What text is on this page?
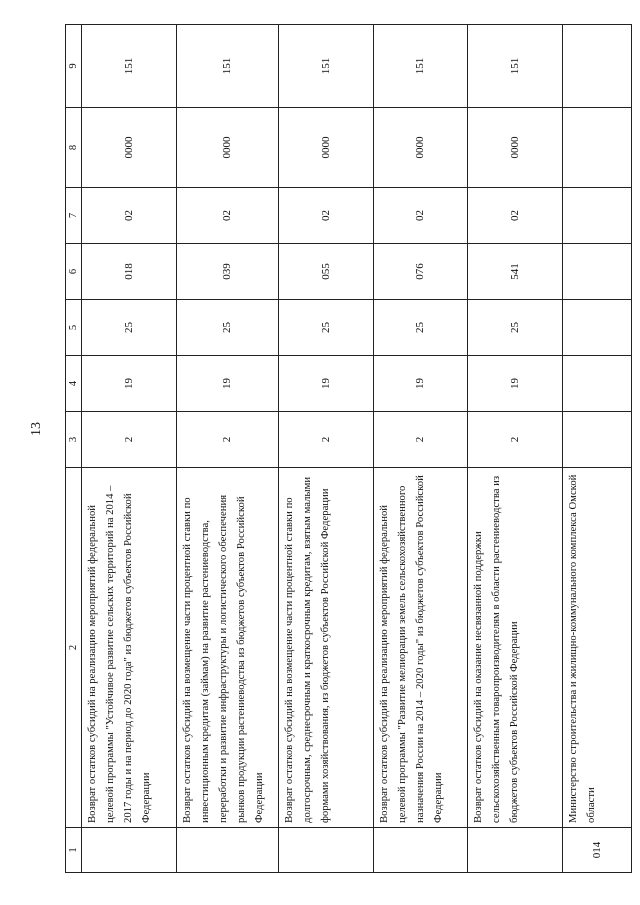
13
1	2	3	4	5	6	7	8	9
	Возврат остатков субсидий на реализацию мероприятий федеральной целевой программы "Устойчивое развитие сельских территорий на 2014 – 2017 годы и на период до 2020 года" из бюджетов субъектов Российской Федерации	2	19	25	018	02	0000	151
	Возврат остатков субсидий на возмещение части процентной ставки по инвестиционным кредитам (займам) на развитие растениеводства, переработки и развитие инфраструктуры и логистического обеспечения рынков продукции растениеводства из бюджетов субъектов Российской Федерации	2	19	25	039	02	0000	151
	Возврат остатков субсидий на возмещение части процентной ставки по долгосрочным, среднесрочным и краткосрочным кредитам, взятым малыми формами хозяйствования, из бюджетов субъектов Российской Федерации	2	19	25	055	02	0000	151
	Возврат остатков субсидий на реализацию мероприятий федеральной целевой программы "Развитие мелиорации земель сельскохозяйственного назначения России на 2014 – 2020 годы" из бюджетов субъектов Российской Федерации	2	19	25	076	02	0000	151
	Возврат остатков субсидий на оказание несвязанной поддержки сельскохозяйственным товаропроизводителям в области растениеводства из бюджетов субъектов Российской Федерации	2	19	25	541	02	0000	151
014	Министерство строительства и жилищно-коммунального комплекса Омской области							
